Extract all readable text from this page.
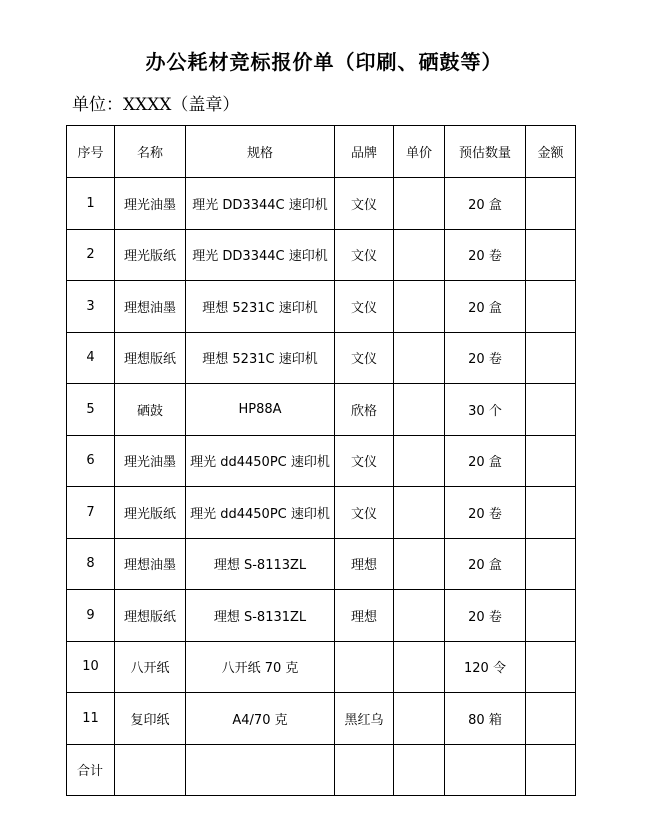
办公耗材竞标报价单（印刷、硒鼓等）
单位：XXXX（盖章）
序号	名称	规格	品牌	单价	预估数量	金额
1	理光油墨	理光 DD3344C 速印机	文仪		20 盒	
2	理光版纸	理光 DD3344C 速印机	文仪		20 卷	
3	理想油墨	理想 5231C 速印机	文仪		20 盒	
4	理想版纸	理想 5231C 速印机	文仪		20 卷	
5	硒鼓	HP88A	欣格		30 个	
6	理光油墨	理光 dd4450PC 速印机	文仪		20 盒	
7	理光版纸	理光 dd4450PC 速印机	文仪		20 卷	
8	理想油墨	理想 S-8113ZL	理想		20 盒	
9	理想版纸	理想 S-8131ZL	理想		20 卷	
10	八开纸	八开纸 70 克			120 令	
11	复印纸	A4/70 克	黑红乌		80 箱	
合计						
